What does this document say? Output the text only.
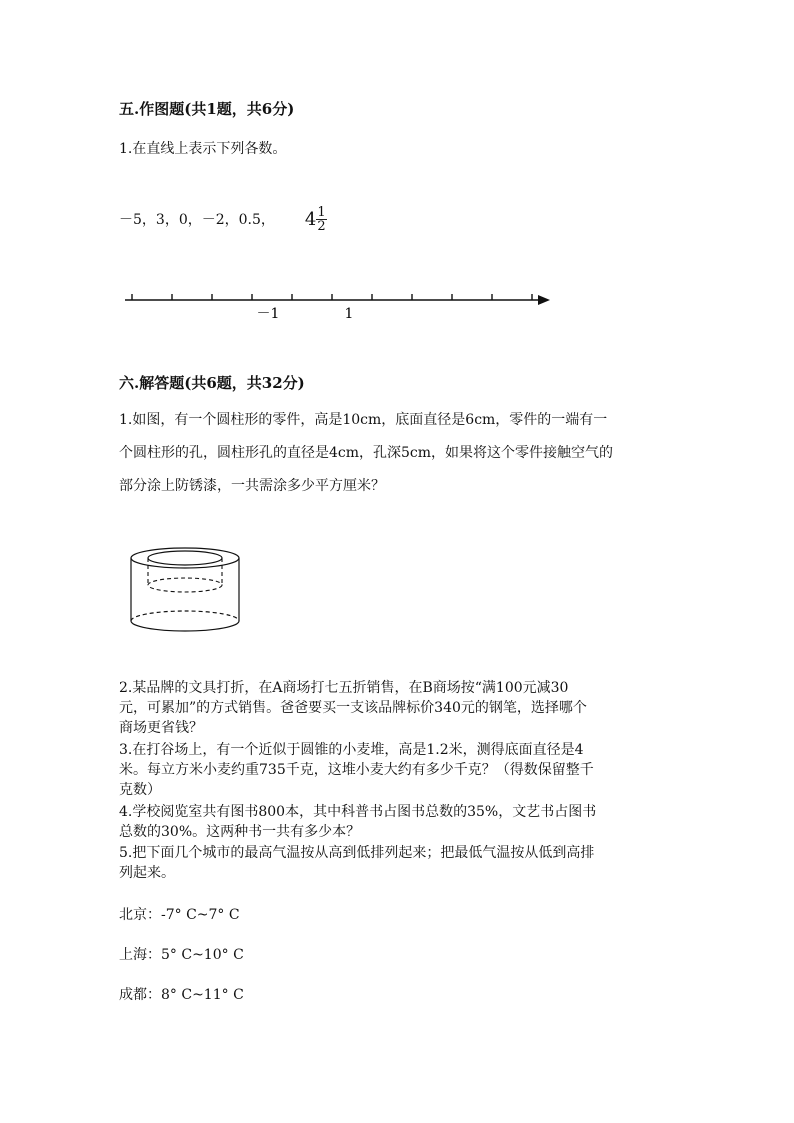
五.作图题(共1题，共6分)
1.在直线上表示下列各数。
－5，3，0，－2，0.5， $4 \frac{1}{2}$
－1	1
六.解答题(共6题，共32分)
1.如图，有一个圆柱形的零件，高是10cm，底面直径是6cm，零件的一端有一
个圆柱形的孔，圆柱形孔的直径是4cm，孔深5cm，如果将这个零件接触空气的
部分涂上防锈漆，一共需涂多少平方厘米？
2.某品牌的文具打折，在A商场打七五折销售，在B商场按“满100元减30
元，可累加”的方式销售。爸爸要买一支该品牌标价340元的钢笔，选择哪个
商场更省钱？
3.在打谷场上，有一个近似于圆锥的小麦堆，高是1.2米，测得底面直径是4
米。每立方米小麦约重735千克，这堆小麦大约有多少千克？（得数保留整千
克数）
4.学校阅览室共有图书800本，其中科普书占图书总数的35%，文艺书占图书
总数的30%。这两种书一共有多少本？
5.把下面几个城市的最高气温按从高到低排列起来；把最低气温按从低到高排
列起来。
北京：-7° C~7° C
上海：5° C~10° C
成都：8° C~11° C
